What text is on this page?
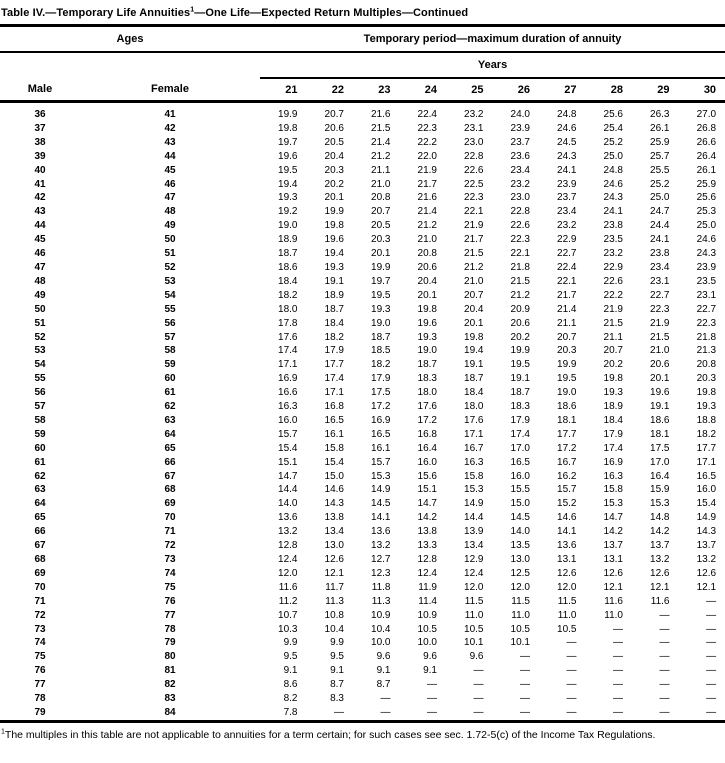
Table IV.—Temporary Life Annuities$^1$—One Life—Expected Return Multiples—Continued
Ages		Temporary period—maximum duration of annuity									
		Years									
Male	Female	21	22	23	24	25	26	27	28	29	30
36	41	19.9	20.7	21.6	22.4	23.2	24.0	24.8	25.6	26.3	27.0
37	42	19.8	20.6	21.5	22.3	23.1	23.9	24.6	25.4	26.1	26.8
38	43	19.7	20.5	21.4	22.2	23.0	23.7	24.5	25.2	25.9	26.6
39	44	19.6	20.4	21.2	22.0	22.8	23.6	24.3	25.0	25.7	26.4
40	45	19.5	20.3	21.1	21.9	22.6	23.4	24.1	24.8	25.5	26.1
41	46	19.4	20.2	21.0	21.7	22.5	23.2	23.9	24.6	25.2	25.9
42	47	19.3	20.1	20.8	21.6	22.3	23.0	23.7	24.3	25.0	25.6
43	48	19.2	19.9	20.7	21.4	22.1	22.8	23.4	24.1	24.7	25.3
44	49	19.0	19.8	20.5	21.2	21.9	22.6	23.2	23.8	24.4	25.0
45	50	18.9	19.6	20.3	21.0	21.7	22.3	22.9	23.5	24.1	24.6
46	51	18.7	19.4	20.1	20.8	21.5	22.1	22.7	23.2	23.8	24.3
47	52	18.6	19.3	19.9	20.6	21.2	21.8	22.4	22.9	23.4	23.9
48	53	18.4	19.1	19.7	20.4	21.0	21.5	22.1	22.6	23.1	23.5
49	54	18.2	18.9	19.5	20.1	20.7	21.2	21.7	22.2	22.7	23.1
50	55	18.0	18.7	19.3	19.8	20.4	20.9	21.4	21.9	22.3	22.7
51	56	17.8	18.4	19.0	19.6	20.1	20.6	21.1	21.5	21.9	22.3
52	57	17.6	18.2	18.7	19.3	19.8	20.2	20.7	21.1	21.5	21.8
53	58	17.4	17.9	18.5	19.0	19.4	19.9	20.3	20.7	21.0	21.3
54	59	17.1	17.7	18.2	18.7	19.1	19.5	19.9	20.2	20.6	20.8
55	60	16.9	17.4	17.9	18.3	18.7	19.1	19.5	19.8	20.1	20.3
56	61	16.6	17.1	17.5	18.0	18.4	18.7	19.0	19.3	19.6	19.8
57	62	16.3	16.8	17.2	17.6	18.0	18.3	18.6	18.9	19.1	19.3
58	63	16.0	16.5	16.9	17.2	17.6	17.9	18.1	18.4	18.6	18.8
59	64	15.7	16.1	16.5	16.8	17.1	17.4	17.7	17.9	18.1	18.2
60	65	15.4	15.8	16.1	16.4	16.7	17.0	17.2	17.4	17.5	17.7
61	66	15.1	15.4	15.7	16.0	16.3	16.5	16.7	16.9	17.0	17.1
62	67	14.7	15.0	15.3	15.6	15.8	16.0	16.2	16.3	16.4	16.5
63	68	14.4	14.6	14.9	15.1	15.3	15.5	15.7	15.8	15.9	16.0
64	69	14.0	14.3	14.5	14.7	14.9	15.0	15.2	15.3	15.3	15.4
65	70	13.6	13.8	14.1	14.2	14.4	14.5	14.6	14.7	14.8	14.9
66	71	13.2	13.4	13.6	13.8	13.9	14.0	14.1	14.2	14.2	14.3
67	72	12.8	13.0	13.2	13.3	13.4	13.5	13.6	13.7	13.7	13.7
68	73	12.4	12.6	12.7	12.8	12.9	13.0	13.1	13.1	13.2	13.2
69	74	12.0	12.1	12.3	12.4	12.4	12.5	12.6	12.6	12.6	12.6
70	75	11.6	11.7	11.8	11.9	12.0	12.0	12.0	12.1	12.1	12.1
71	76	11.2	11.3	11.3	11.4	11.5	11.5	11.5	11.6	11.6	—
72	77	10.7	10.8	10.9	10.9	11.0	11.0	11.0	11.0	—	—
73	78	10.3	10.4	10.4	10.5	10.5	10.5	10.5	—	—	—
74	79	9.9	9.9	10.0	10.0	10.1	10.1	—	—	—	—
75	80	9.5	9.5	9.6	9.6	9.6	—	—	—	—	—
76	81	9.1	9.1	9.1	9.1	—	—	—	—	—	—
77	82	8.6	8.7	8.7	—	—	—	—	—	—	—
78	83	8.2	8.3	—	—	—	—	—	—	—	—
79	84	7.8	—	—	—	—	—	—	—	—	—
$^1$The multiples in this table are not applicable to annuities for a term certain; for such cases see sec. 1.72-5(c) of the Income Tax Regulations.
